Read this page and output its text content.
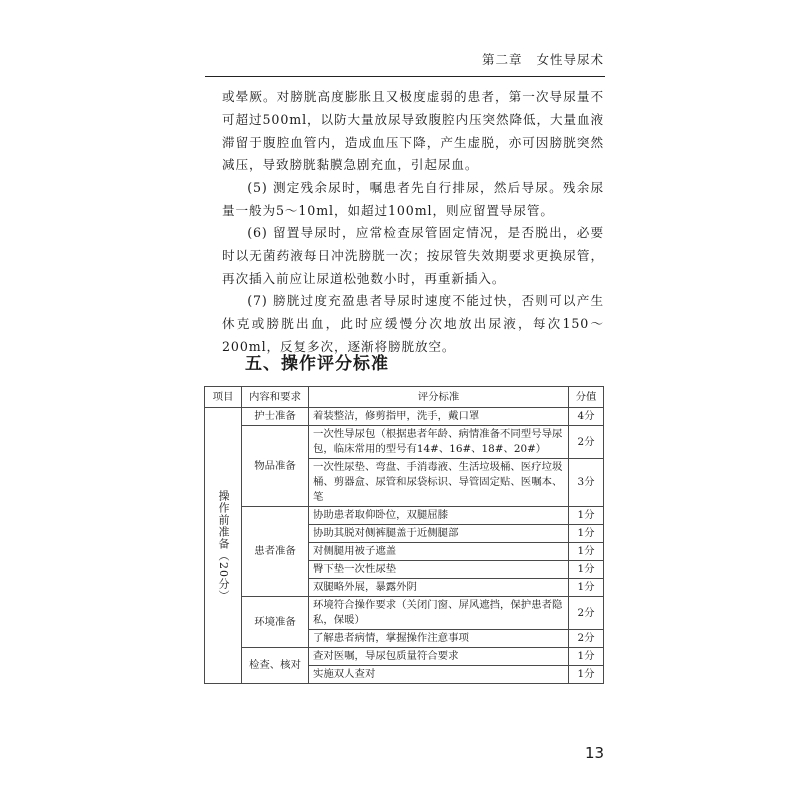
第二章 女性导尿术

或晕厥。对膀胱高度膨胀且又极度虚弱的患者，第一次导尿量不可超过500ml，以防大量放尿导致腹腔内压突然降低，大量血液滞留于腹腔血管内，造成血压下降，产生虚脱，亦可因膀胱突然减压，导致膀胱黏膜急剧充血，引起尿血。

(5) 测定残余尿时，嘱患者先自行排尿，然后导尿。残余尿量一般为5～10ml，如超过100ml，则应留置导尿管。

(6) 留置导尿时，应常检查尿管固定情况，是否脱出，必要时以无菌药液每日冲洗膀胱一次；按尿管失效期要求更换尿管，再次插入前应让尿道松弛数小时，再重新插入。

(7) 膀胱过度充盈患者导尿时速度不能过快，否则可以产生休克或膀胱出血，此时应缓慢分次地放出尿液，每次150～200ml，反复多次，逐渐将膀胱放空。

五、操作评分标准
项目	内容和要求	评分标准	分值

操作前准备（20分）	护士准备	着装整洁，修剪指甲，洗手，戴口罩	4分
	物品准备	一次性导尿包（根据患者年龄、病情准备不同型号导尿包，临床常用的型号有14#、16#、18#、20#）	2分
		一次性尿垫、弯盘、手消毒液、生活垃圾桶、医疗垃圾桶、剪器盒、尿管和尿袋标识、导管固定贴、医嘱本、笔	3分
	患者准备	协助患者取仰卧位，双腿屈膝	1分
		协助其脱对侧裤腿盖于近侧腿部	1分
		对侧腿用被子遮盖	1分
		臀下垫一次性尿垫	1分
		双腿略外展，暴露外阴	1分
	环境准备	环境符合操作要求（关闭门窗、屏风遮挡，保护患者隐私，保暖）	2分
		了解患者病情，掌握操作注意事项	2分
	检查、核对	查对医嘱，导尿包质量符合要求	1分
		实施双人查对	1分
13
